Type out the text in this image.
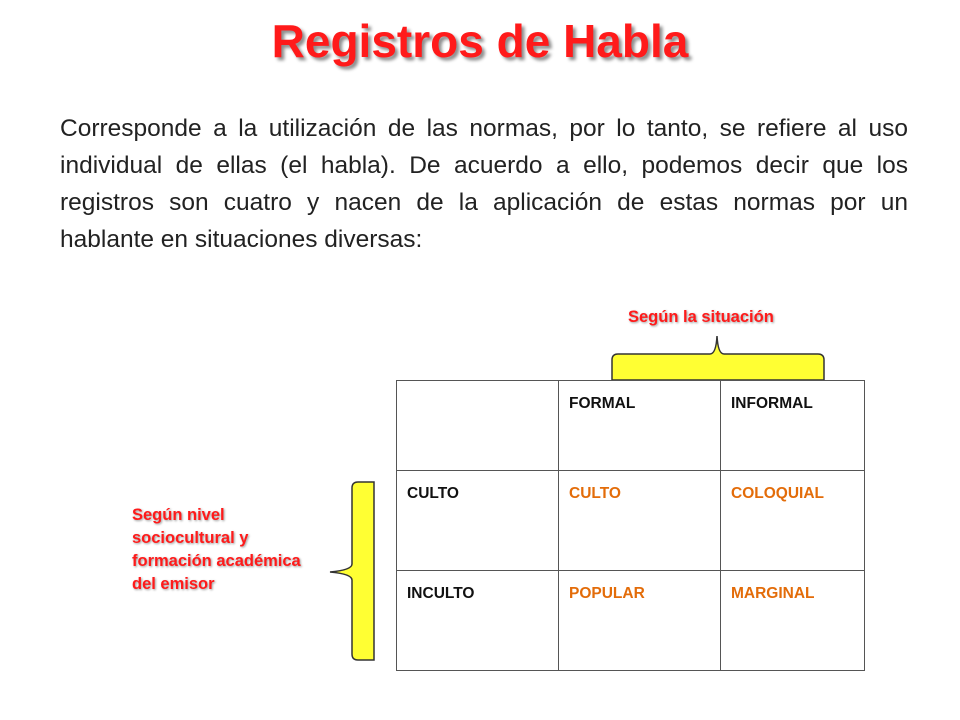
Registros de Habla

Corresponde a la utilización de las normas, por lo tanto, se refiere al uso individual de ellas (el habla). De acuerdo a ello, podemos decir que los registros son cuatro y nacen de la aplicación de estas normas por un hablante en situaciones diversas:

Según la situación
Según nivel sociocultural y formación académica del emisor
	FORMAL	INFORMAL
CULTO	CULTO	COLOQUIAL
INCULTO	POPULAR	MARGINAL
